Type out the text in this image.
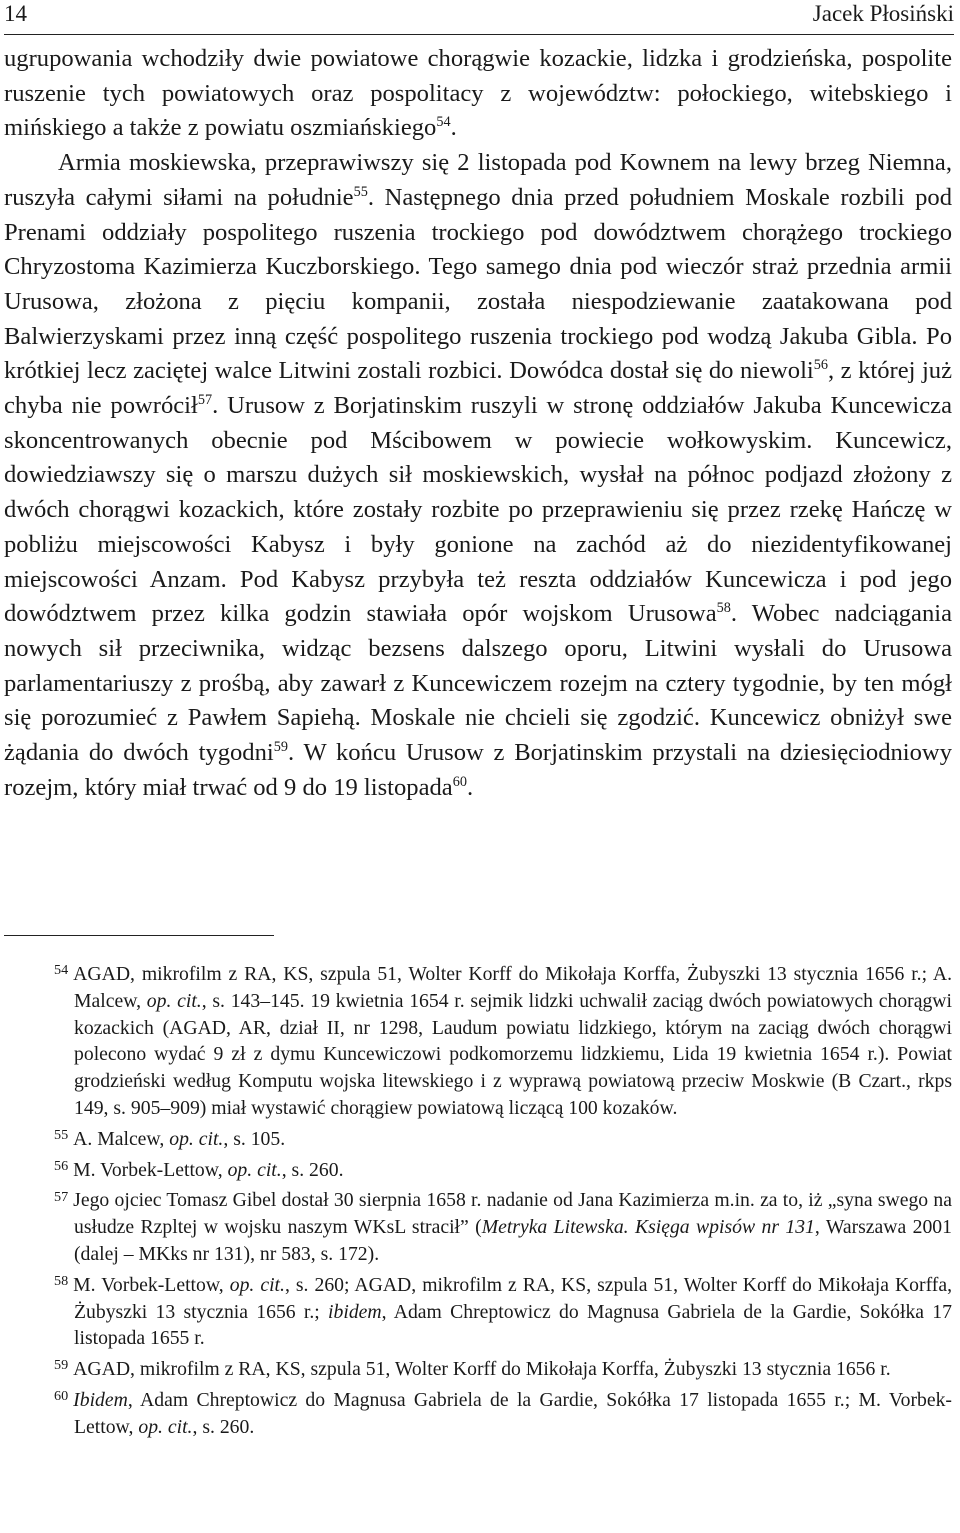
14	Jacek Płosiński

ugrupowania wchodziły dwie powiatowe chorągwie kozackie, lidzka i grodzieńska, pospolite ruszenie tych powiatowych oraz pospolitacy z województw: połockiego, witebskiego i mińskiego a także z powiatu oszmiańskiego$^{54}$.

Armia moskiewska, przeprawiwszy się 2 listopada pod Kownem na lewy brzeg Niemna, ruszyła całymi siłami na południe$^{55}$. Następnego dnia przed południem Moskale rozbili pod Prenami oddziały pospolitego ruszenia trockiego pod dowództwem chorążego trockiego Chryzostoma Kazimierza Kuczborskiego. Tego samego dnia pod wieczór straż przednia armii Urusowa, złożona z pięciu kompanii, została niespodziewanie zaatakowana pod Balwierzyskami przez inną część pospolitego ruszenia trockiego pod wodzą Jakuba Gibla. Po krótkiej lecz zaciętej walce Litwini zostali rozbici. Dowódca dostał się do niewoli$^{56}$, z której już chyba nie powrócił$^{57}$. Urusow z Borjatinskim ruszyli w stronę oddziałów Jakuba Kuncewicza skoncentrowanych obecnie pod Mścibowem w powiecie wołkowyskim. Kuncewicz, dowiedziawszy się o marszu dużych sił moskiewskich, wysłał na północ podjazd złożony z dwóch chorągwi kozackich, które zostały rozbite po przeprawieniu się przez rzekę Hańczę w pobliżu miejscowości Kabysz i były gonione na zachód aż do niezidentyfikowanej miejscowości Anzam. Pod Kabysz przybyła też reszta oddziałów Kuncewicza i pod jego dowództwem przez kilka godzin stawiała opór wojskom Urusowa$^{58}$. Wobec nadciągania nowych sił przeciwnika, widząc bezsens dalszego oporu, Litwini wysłali do Urusowa parlamentariuszy z prośbą, aby zawarł z Kuncewiczem rozejm na cztery tygodnie, by ten mógł się porozumieć z Pawłem Sapiehą. Moskale nie chcieli się zgodzić. Kuncewicz obniżył swe żądania do dwóch tygodni$^{59}$. W końcu Urusow z Borjatinskim przystali na dziesięciodniowy rozejm, który miał trwać od 9 do 19 listopada$^{60}$.

$^{54}$ AGAD, mikrofilm z RA, KS, szpula 51, Wolter Korff do Mikołaja Korffa, Żubyszki 13 stycznia 1656 r.; A. Malcew, op. cit., s. 143–145. 19 kwietnia 1654 r. sejmik lidzki uchwalił zaciąg dwóch powiatowych chorągwi kozackich (AGAD, AR, dział II, nr 1298, Laudum powiatu lidzkiego, którym na zaciąg dwóch chorągwi polecono wydać 9 zł z dymu Kuncewiczowi podkomorzemu lidzkiemu, Lida 19 kwietnia 1654 r.). Powiat grodzieński według Komputu wojska litewskiego i z wyprawą powiatową przeciw Moskwie (B Czart., rkps 149, s. 905–909) miał wystawić chorągiew powiatową liczącą 100 kozaków.

$^{55}$ A. Malcew, op. cit., s. 105.

$^{56}$ M. Vorbek-Lettow, op. cit., s. 260.

$^{57}$ Jego ojciec Tomasz Gibel dostał 30 sierpnia 1658 r. nadanie od Jana Kazimierza m.in. za to, iż „syna swego na usłudze Rzpltej w wojsku naszym WKsL stracił” (Metryka Litewska. Księga wpisów nr 131, Warszawa 2001 (dalej – MKks nr 131), nr 583, s. 172).

$^{58}$ M. Vorbek-Lettow, op. cit., s. 260; AGAD, mikrofilm z RA, KS, szpula 51, Wolter Korff do Mikołaja Korffa, Żubyszki 13 stycznia 1656 r.; ibidem, Adam Chreptowicz do Magnusa Gabriela de la Gardie, Sokółka 17 listopada 1655 r.

$^{59}$ AGAD, mikrofilm z RA, KS, szpula 51, Wolter Korff do Mikołaja Korffa, Żubyszki 13 stycznia 1656 r.

$^{60}$ Ibidem, Adam Chreptowicz do Magnusa Gabriela de la Gardie, Sokółka 17 listopada 1655 r.; M. Vorbek-Lettow, op. cit., s. 260.
